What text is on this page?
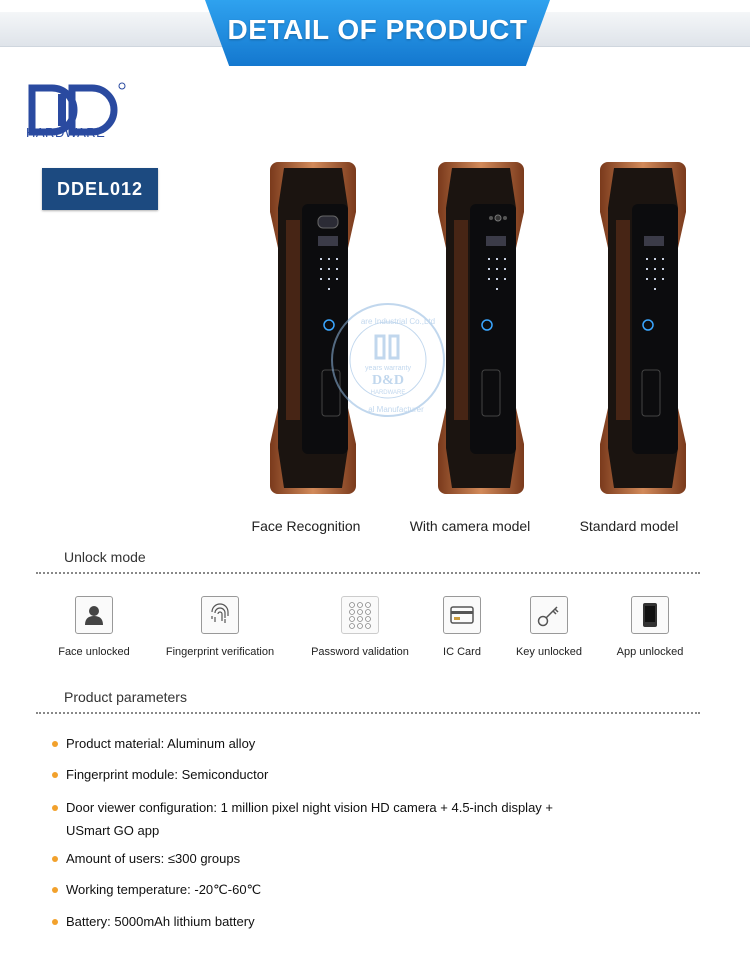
DETAIL OF PRODUCT
HARDWARE
DDEL012
Face Recognition	With camera model	Standard model
D&D
HARDWARE
years warranty
are Industrial Co.,Ltd
al Manufacturer
Unlock mode
Face unlocked	Fingerprint verification	Password validation	IC Card	Key unlocked	App unlocked
Product parameters
Product material: Aluminum alloy
Fingerprint module: Semiconductor
Door viewer configuration: 1 million pixel night vision HD camera + 4.5-inch display +
USmart GO app
Amount of users: ≤300 groups
Working temperature: -20℃-60℃
Battery: 5000mAh lithium battery
